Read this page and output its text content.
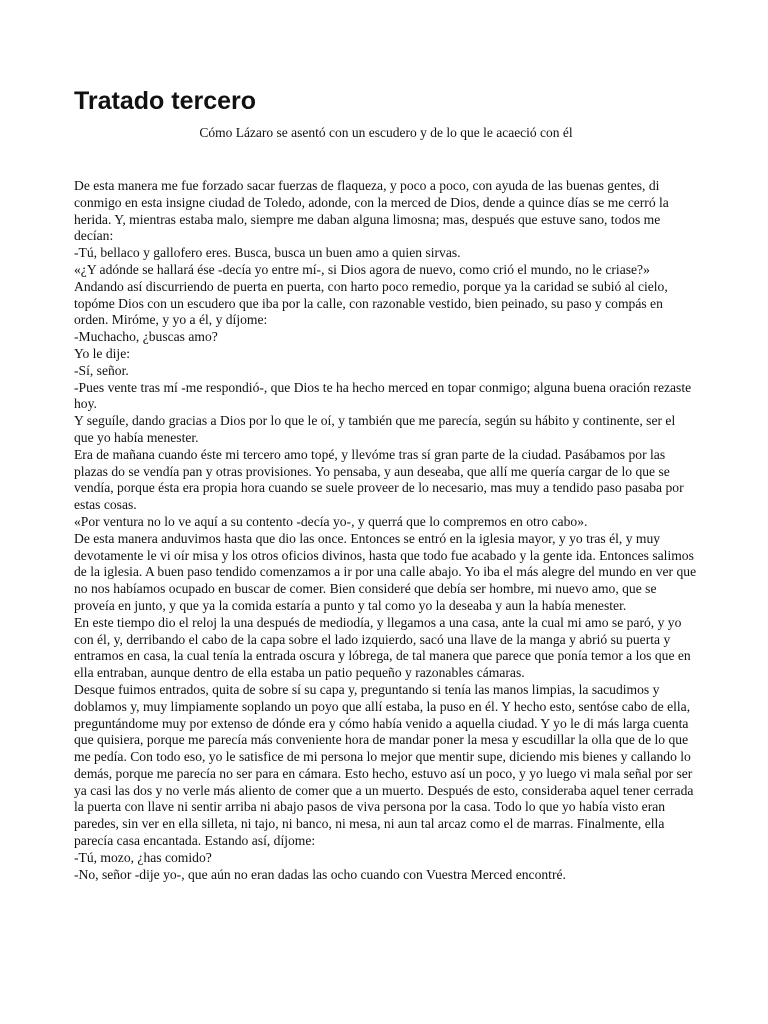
Tratado tercero
Cómo Lázaro se asentó con un escudero y de lo que le acaeció con él

De esta manera me fue forzado sacar fuerzas de flaqueza, y poco a poco, con ayuda de las buenas gentes, di conmigo en esta insigne ciudad de Toledo, adonde, con la merced de Dios, dende a quince días se me cerró la herida. Y, mientras estaba malo, siempre me daban alguna limosna; mas, después que estuve sano, todos me decían:

-Tú, bellaco y gallofero eres. Busca, busca un buen amo a quien sirvas.

«¿Y adónde se hallará ése -decía yo entre mí-, si Dios agora de nuevo, como crió el mundo, no le criase?»

Andando así discurriendo de puerta en puerta, con harto poco remedio, porque ya la caridad se subió al cielo, topóme Dios con un escudero que iba por la calle, con razonable vestido, bien peinado, su paso y compás en orden. Miróme, y yo a él, y díjome:

-Muchacho, ¿buscas amo?

Yo le dije:

-Sí, señor.

-Pues vente tras mí -me respondió-, que Dios te ha hecho merced en topar conmigo; alguna buena oración rezaste hoy.

Y seguíle, dando gracias a Dios por lo que le oí, y también que me parecía, según su hábito y continente, ser el que yo había menester.

Era de mañana cuando éste mi tercero amo topé, y llevóme tras sí gran parte de la ciudad. Pasábamos por las plazas do se vendía pan y otras provisiones. Yo pensaba, y aun deseaba, que allí me quería cargar de lo que se vendía, porque ésta era propia hora cuando se suele proveer de lo necesario, mas muy a tendido paso pasaba por estas cosas.

«Por ventura no lo ve aquí a su contento -decía yo-, y querrá que lo compremos en otro cabo».

De esta manera anduvimos hasta que dio las once. Entonces se entró en la iglesia mayor, y yo tras él, y muy devotamente le vi oír misa y los otros oficios divinos, hasta que todo fue acabado y la gente ida. Entonces salimos de la iglesia. A buen paso tendido comenzamos a ir por una calle abajo. Yo iba el más alegre del mundo en ver que no nos habíamos ocupado en buscar de comer. Bien consideré que debía ser hombre, mi nuevo amo, que se proveía en junto, y que ya la comida estaría a punto y tal como yo la deseaba y aun la había menester.

En este tiempo dio el reloj la una después de mediodía, y llegamos a una casa, ante la cual mi amo se paró, y yo con él, y, derribando el cabo de la capa sobre el lado izquierdo, sacó una llave de la manga y abrió su puerta y entramos en casa, la cual tenía la entrada oscura y lóbrega, de tal manera que parece que ponía temor a los que en ella entraban, aunque dentro de ella estaba un patio pequeño y razonables cámaras.

Desque fuimos entrados, quita de sobre sí su capa y, preguntando si tenía las manos limpias, la sacudimos y doblamos y, muy limpiamente soplando un poyo que allí estaba, la puso en él. Y hecho esto, sentóse cabo de ella, preguntándome muy por extenso de dónde era y cómo había venido a aquella ciudad. Y yo le di más larga cuenta que quisiera, porque me parecía más conveniente hora de mandar poner la mesa y escudillar la olla que de lo que me pedía. Con todo eso, yo le satisfice de mi persona lo mejor que mentir supe, diciendo mis bienes y callando lo demás, porque me parecía no ser para en cámara. Esto hecho, estuvo así un poco, y yo luego vi mala señal por ser ya casi las dos y no verle más aliento de comer que a un muerto. Después de esto, consideraba aquel tener cerrada la puerta con llave ni sentir arriba ni abajo pasos de viva persona por la casa. Todo lo que yo había visto eran paredes, sin ver en ella silleta, ni tajo, ni banco, ni mesa, ni aun tal arcaz como el de marras. Finalmente, ella parecía casa encantada. Estando así, díjome:

-Tú, mozo, ¿has comido?

-No, señor -dije yo-, que aún no eran dadas las ocho cuando con Vuestra Merced encontré.
